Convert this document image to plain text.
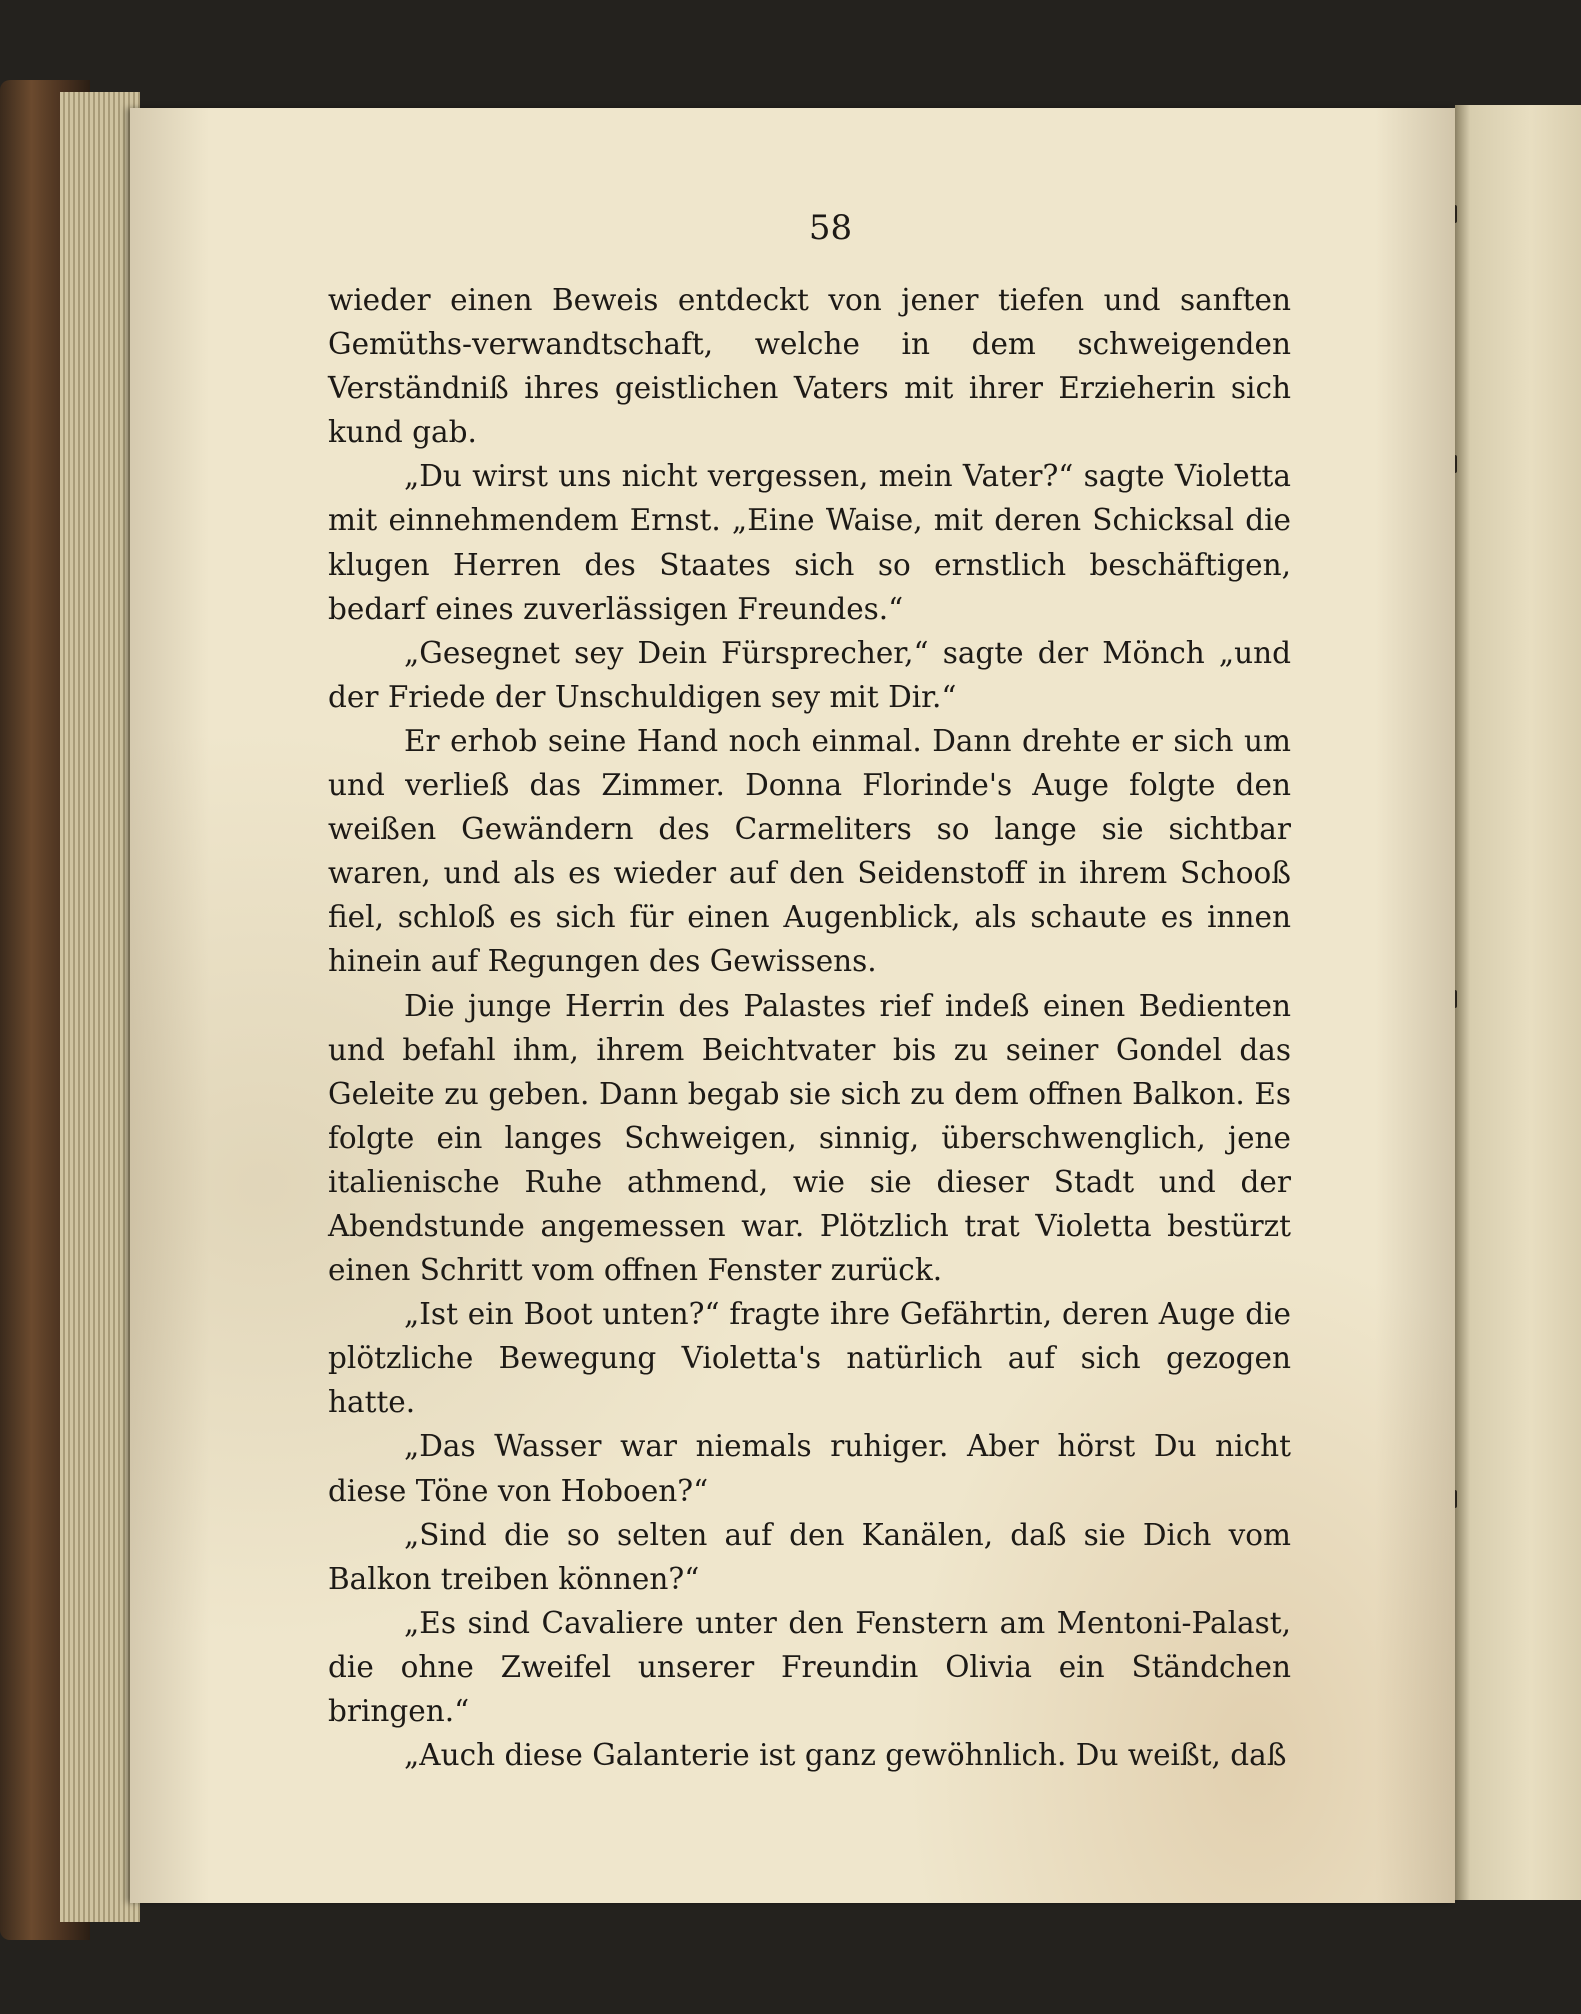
58

wieder einen Beweis entdeckt von jener tiefen und sanften Gemüths-verwandtschaft, welche in dem schweigenden Verständniß ihres geistlichen Vaters mit ihrer Erzieherin sich kund gab.

„Du wirst uns nicht vergessen, mein Vater?“ sagte Violetta mit einnehmendem Ernst. „Eine Waise, mit deren Schicksal die klugen Herren des Staates sich so ernstlich beschäftigen, bedarf eines zuverlässigen Freundes.“

„Gesegnet sey Dein Fürsprecher,“ sagte der Mönch „und der Friede der Unschuldigen sey mit Dir.“

Er erhob seine Hand noch einmal. Dann drehte er sich um und verließ das Zimmer. Donna Florinde's Auge folgte den weißen Gewändern des Carmeliters so lange sie sichtbar waren, und als es wieder auf den Seidenstoff in ihrem Schooß fiel, schloß es sich für einen Augenblick, als schaute es innen hinein auf Regungen des Gewissens.

Die junge Herrin des Palastes rief indeß einen Bedienten und befahl ihm, ihrem Beichtvater bis zu seiner Gondel das Geleite zu geben. Dann begab sie sich zu dem offnen Balkon. Es folgte ein langes Schweigen, sinnig, überschwenglich, jene italienische Ruhe athmend, wie sie dieser Stadt und der Abendstunde angemessen war. Plötzlich trat Violetta bestürzt einen Schritt vom offnen Fenster zurück.

„Ist ein Boot unten?“ fragte ihre Gefährtin, deren Auge die plötzliche Bewegung Violetta's natürlich auf sich gezogen hatte.

„Das Wasser war niemals ruhiger. Aber hörst Du nicht diese Töne von Hoboen?“

„Sind die so selten auf den Kanälen, daß sie Dich vom Balkon treiben können?“

„Es sind Cavaliere unter den Fenstern am Mentoni-Palast, die ohne Zweifel unserer Freundin Olivia ein Ständchen bringen.“

„Auch diese Galanterie ist ganz gewöhnlich. Du weißt, daß
